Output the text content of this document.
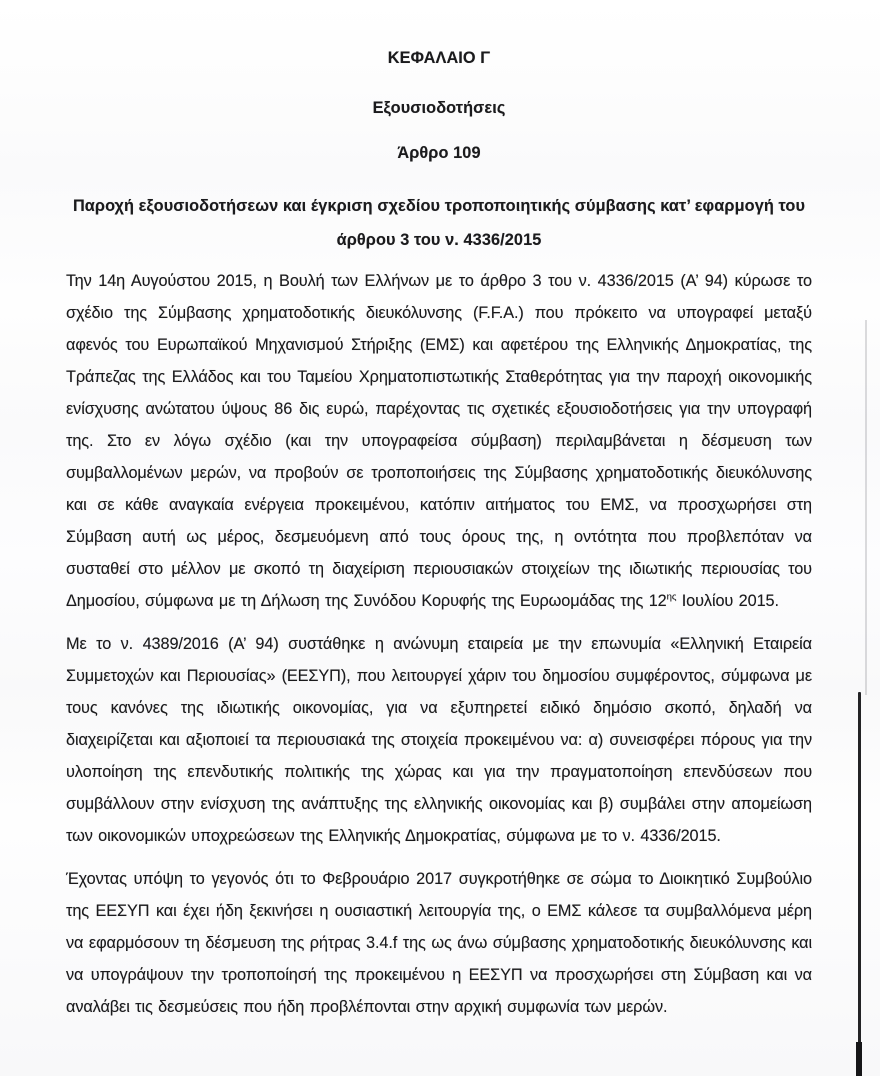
ΚΕΦΑΛΑΙΟ Γ
Εξουσιοδοτήσεις
Άρθρο 109
Παροχή εξουσιοδοτήσεων και έγκριση σχεδίου τροποποιητικής σύμβασης κατ’ εφαρμογή του
άρθρου 3 του ν. 4336/2015

Την 14η Αυγούστου 2015, η Βουλή των Ελλήνων με το άρθρο 3 του ν. 4336/2015 (Α’ 94) κύρωσε το σχέδιο της Σύμβασης χρηματοδοτικής διευκόλυνσης (F.F.A.) που πρόκειτο να υπογραφεί μεταξύ αφενός του Ευρωπαϊκού Μηχανισμού Στήριξης (ΕΜΣ) και αφετέρου της Ελληνικής Δημοκρατίας, της Τράπεζας της Ελλάδος και του Ταμείου Χρηματοπιστωτικής Σταθερότητας για την παροχή οικονομικής ενίσχυσης ανώτατου ύψους 86 δις ευρώ, παρέχοντας τις σχετικές εξουσιοδοτήσεις για την υπογραφή της. Στο εν λόγω σχέδιο (και την υπογραφείσα σύμβαση) περιλαμβάνεται η δέσμευση των συμβαλλομένων μερών, να προβούν σε τροποποιήσεις της Σύμβασης χρηματοδοτικής διευκόλυνσης και σε κάθε αναγκαία ενέργεια προκειμένου, κατόπιν αιτήματος του ΕΜΣ, να προσχωρήσει στη Σύμβαση αυτή ως μέρος, δεσμευόμενη από τους όρους της, η οντότητα που προβλεπόταν να συσταθεί στο μέλλον με σκοπό τη διαχείριση περιουσιακών στοιχείων της ιδιωτικής περιουσίας του Δημοσίου, σύμφωνα με τη Δήλωση της Συνόδου Κορυφής της Ευρωομάδας της $12^{\eta\varsigma}$ Ιουλίου 2015.

Με το ν. 4389/2016 (Α’ 94) συστάθηκε η ανώνυμη εταιρεία με την επωνυμία «Ελληνική Εταιρεία Συμμετοχών και Περιουσίας» (ΕΕΣΥΠ), που λειτουργεί χάριν του δημοσίου συμφέροντος, σύμφωνα με τους κανόνες της ιδιωτικής οικονομίας, για να εξυπηρετεί ειδικό δημόσιο σκοπό, δηλαδή να διαχειρίζεται και αξιοποιεί τα περιουσιακά της στοιχεία προκειμένου να: α) συνεισφέρει πόρους για την υλοποίηση της επενδυτικής πολιτικής της χώρας και για την πραγματοποίηση επενδύσεων που συμβάλλουν στην ενίσχυση της ανάπτυξης της ελληνικής οικονομίας και β) συμβάλει στην απομείωση των οικονομικών υποχρεώσεων της Ελληνικής Δημοκρατίας, σύμφωνα με το ν. 4336/2015.

Έχοντας υπόψη το γεγονός ότι το Φεβρουάριο 2017 συγκροτήθηκε σε σώμα το Διοικητικό Συμβούλιο της ΕΕΣΥΠ και έχει ήδη ξεκινήσει η ουσιαστική λειτουργία της, ο ΕΜΣ κάλεσε τα συμβαλλόμενα μέρη να εφαρμόσουν τη δέσμευση της ρήτρας 3.4.f της ως άνω σύμβασης χρηματοδοτικής διευκόλυνσης και να υπογράψουν την τροποποίησή της προκειμένου η ΕΕΣΥΠ να προσχωρήσει στη Σύμβαση και να αναλάβει τις δεσμεύσεις που ήδη προβλέπονται στην αρχική συμφωνία των μερών.
